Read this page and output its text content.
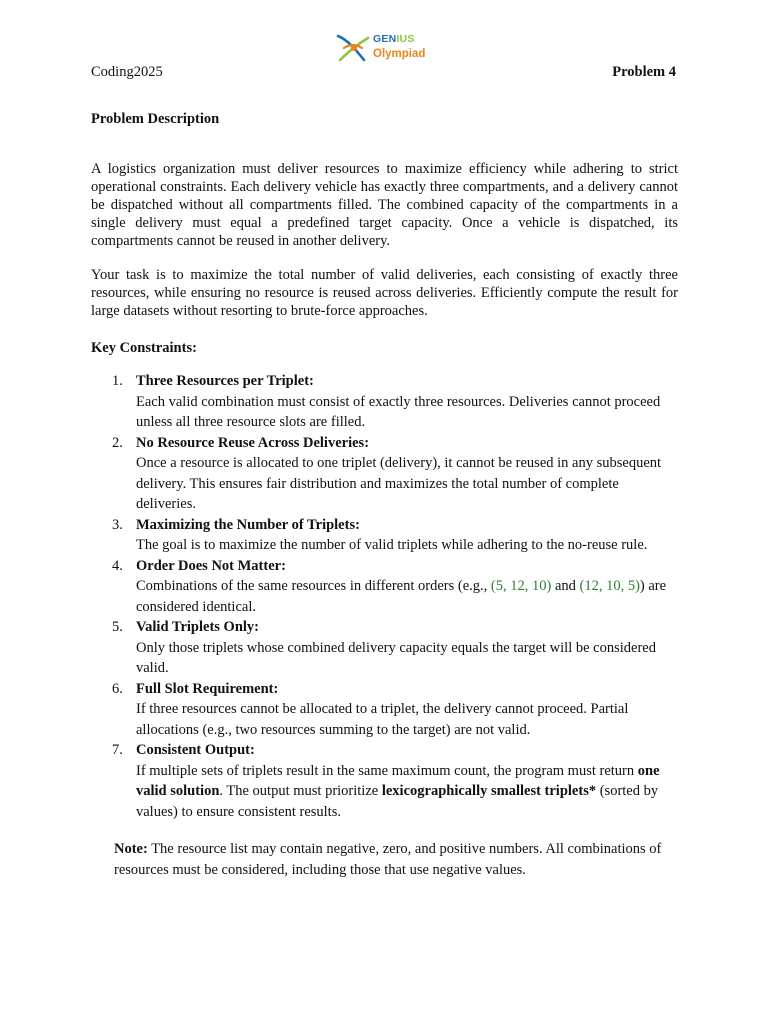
GENIUS
Olympiad
Coding2025	Problem 4
Problem Description

A logistics organization must deliver resources to maximize efficiency while adhering to strict operational constraints. Each delivery vehicle has exactly three compartments, and a delivery cannot be dispatched without all compartments filled. The combined capacity of the compartments in a single delivery must equal a predefined target capacity. Once a vehicle is dispatched, its compartments cannot be reused in another delivery.

Your task is to maximize the total number of valid deliveries, each consisting of exactly three resources, while ensuring no resource is reused across deliveries. Efficiently compute the result for large datasets without resorting to brute-force approaches.

Key Constraints:
1. Three Resources per Triplet:
Each valid combination must consist of exactly three resources. Deliveries cannot proceed unless all three resource slots are filled.
2. No Resource Reuse Across Deliveries:
Once a resource is allocated to one triplet (delivery), it cannot be reused in any subsequent delivery. This ensures fair distribution and maximizes the total number of complete deliveries.
3. Maximizing the Number of Triplets:
The goal is to maximize the number of valid triplets while adhering to the no-reuse rule.
4. Order Does Not Matter:
Combinations of the same resources in different orders (e.g., (5, 12, 10) and (12, 10, 5)) are considered identical.
5. Valid Triplets Only:
Only those triplets whose combined delivery capacity equals the target will be considered valid.
6. Full Slot Requirement:
If three resources cannot be allocated to a triplet, the delivery cannot proceed. Partial allocations (e.g., two resources summing to the target) are not valid.
7. Consistent Output:
If multiple sets of triplets result in the same maximum count, the program must return one valid solution. The output must prioritize lexicographically smallest triplets* (sorted by values) to ensure consistent results.

Note: The resource list may contain negative, zero, and positive numbers. All combinations of resources must be considered, including those that use negative values.
